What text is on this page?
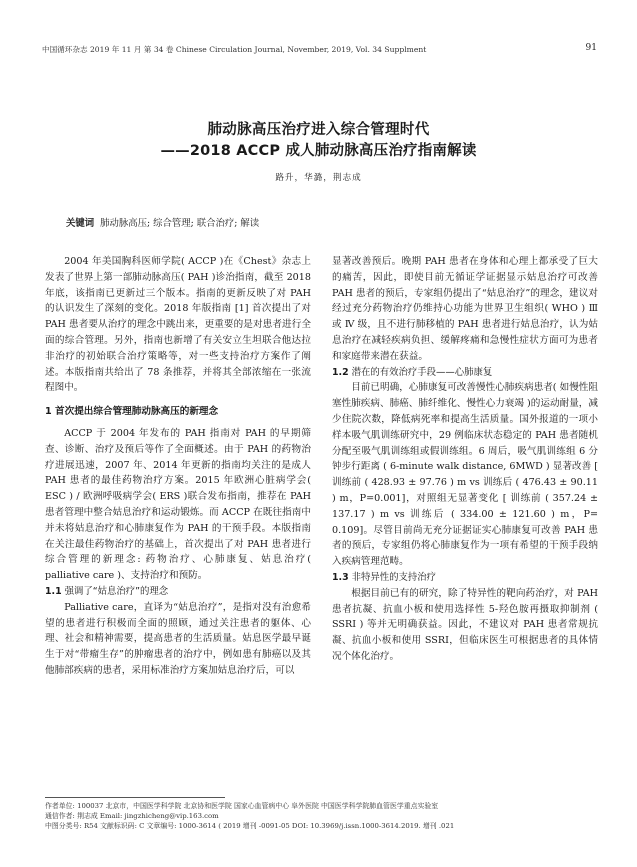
中国循环杂志 2019 年 11 月 第 34 卷 Chinese Circulation Journal, November, 2019, Vol. 34 Supplment	91
肺动脉高压治疗进入综合管理时代
——2018 ACCP 成人肺动脉高压治疗指南解读
路升，华潞，荆志成
关键词 肺动脉高压; 综合管理; 联合治疗; 解读

2004 年美国胸科医师学院( ACCP )在《Chest》杂志上发表了世界上第一部肺动脉高压( PAH )诊治指南，截至 2018 年底，该指南已更新过三个版本。指南的更新反映了对 PAH 的认识发生了深刻的变化。2018 年版指南 [1] 首次提出了对 PAH 患者要从治疗的理念中跳出来，更重要的是对患者进行全面的综合管理。另外，指南也新增了有关安立生坦联合他达拉非治疗的初始联合治疗策略等，对一些支持治疗方案作了阐述。本版指南共给出了 78 条推荐，并将其全部浓缩在一张流程图中。

1 首次提出综合管理肺动脉高压的新理念

ACCP 于 2004 年发布的 PAH 指南对 PAH 的早期筛查、诊断、治疗及预后等作了全面概述。由于 PAH 的药物治疗进展迅速，2007 年、2014 年更新的指南均关注的是成人 PAH 患者的最佳药物治疗方案。2015 年欧洲心脏病学会( ESC ) / 欧洲呼吸病学会( ERS )联合发布指南，推荐在 PAH 患者管理中整合姑息治疗和运动锻炼。而 ACCP 在既往指南中并未将姑息治疗和心肺康复作为 PAH 的干预手段。本版指南在关注最佳药物治疗的基础上，首次提出了对 PAH 患者进行综合管理的新理念: 药物治疗、心肺康复、姑息治疗( palliative care )、支持治疗和预防。

1.1 强调了“姑息治疗”的理念

Palliative care，直译为“姑息治疗”，是指对没有治愈希望的患者进行积极而全面的照顾，通过关注患者的躯体、心理、社会和精神需要，提高患者的生活质量。姑息医学最早诞生于对“带瘤生存”的肿瘤患者的治疗中，例如患有肺癌以及其他肺部疾病的患者，采用标准治疗方案加姑息治疗后，可以

显著改善预后。晚期 PAH 患者在身体和心理上都承受了巨大的痛苦，因此，即使目前无循证学证据显示姑息治疗可改善 PAH 患者的预后，专家组仍提出了“姑息治疗”的理念，建议对经过充分药物治疗仍维持心功能为世界卫生组织( WHO ) Ⅲ 或 Ⅳ 级，且不进行肺移植的 PAH 患者进行姑息治疗，认为姑息治疗在减轻疾病负担、缓解疼痛和急慢性症状方面可为患者和家庭带来潜在获益。

1.2 潜在的有效治疗手段——心肺康复

目前已明确，心肺康复可改善慢性心肺疾病患者( 如慢性阻塞性肺疾病、肺癌、肺纤维化、慢性心力衰竭 )的运动耐量，减少住院次数，降低病死率和提高生活质量。国外报道的一项小样本吸气肌训练研究中，29 例临床状态稳定的 PAH 患者随机分配至吸气肌训练组或假训练组。6 周后，吸气肌训练组 6 分钟步行距离 ( 6-minute walk distance, 6MWD ) 显著改善 [ 训练前 ( 428.93 ± 97.76 ) m vs 训练后 ( 476.43 ± 90.11 ) m，P=0.001]，对照组无显著变化 [ 训练前 ( 357.24 ± 137.17 ) m vs 训练后 ( 334.00 ± 121.60 ) m，P= 0.109]。尽管目前尚无充分证据证实心肺康复可改善 PAH 患者的预后，专家组仍将心肺康复作为一项有希望的干预手段纳入疾病管理范畴。

1.3 非特异性的支持治疗

根据目前已有的研究，除了特异性的靶向药治疗，对 PAH 患者抗凝、抗血小板和使用选择性 5-羟色胺再摄取抑制剂 ( SSRI ) 等并无明确获益。因此，不建议对 PAH 患者常规抗凝、抗血小板和使用 SSRI，但临床医生可根据患者的具体情况个体化治疗。

作者单位: 100037 北京市，中国医学科学院 北京协和医学院 国家心血管病中心 阜外医院 中国医学科学院肺血管医学重点实验室
通信作者: 荆志成 Email: jingzhicheng@vip.163.com
中图分类号: R54 文献标识码: C 文章编号: 1000-3614 ( 2019 增刊 -0091-05 DOI: 10.3969/j.issn.1000-3614.2019. 增刊 .021
